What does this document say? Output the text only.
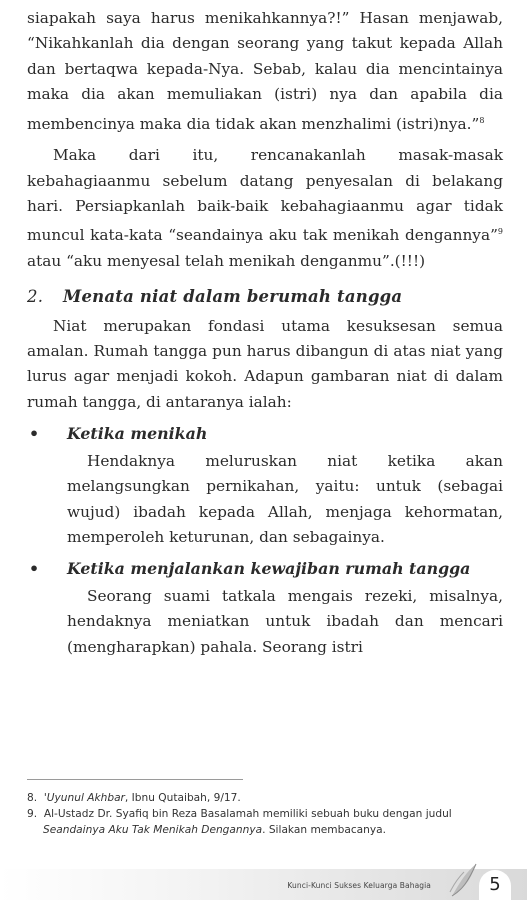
siapakah saya harus menikahkannya?!” Hasan menjawab, “Nikahkanlah dia dengan seorang yang takut kepada Allah dan bertaqwa kepada-Nya. Sebab, kalau dia mencintainya maka dia akan memuliakan (istri) nya dan apabila dia membencinya maka dia tidak akan menzhalimi (istri)nya.”$^8$

Maka dari itu, rencanakanlah masak-masak kebahagiaanmu sebelum datang penyesalan di belakang hari. Persiapkanlah baik-baik kebahagiaanmu agar tidak muncul kata-kata “seandainya aku tak menikah dengannya”$^9$ atau “aku menyesal telah menikah denganmu”.(!!!)

2. Menata niat dalam berumah tangga

Niat merupakan fondasi utama kesuksesan semua amalan. Rumah tangga pun harus dibangun di atas niat yang lurus agar menjadi kokoh. Adapun gambaran niat di dalam rumah tangga, di antaranya ialah:

• Ketika menikah

Hendaknya meluruskan niat ketika akan melangsungkan pernikahan, yaitu: untuk (sebagai wujud) ibadah kepada Allah, menjaga kehormatan, memperoleh keturunan, dan sebagainya.

• Ketika menjalankan kewajiban rumah tangga

Seorang suami tatkala mengais rezeki, misalnya, hendaknya meniatkan untuk ibadah dan mencari (mengharapkan) pahala. Seorang istri

8. 'Uyunul Akhbar, Ibnu Qutaibah, 9/17.

9. Al-Ustadz Dr. Syafiq bin Reza Basalamah memiliki sebuah buku dengan judul Seandainya Aku Tak Menikah Dengannya. Silakan membacanya.

Kunci-Kunci Sukses Keluarga Bahagia	5
